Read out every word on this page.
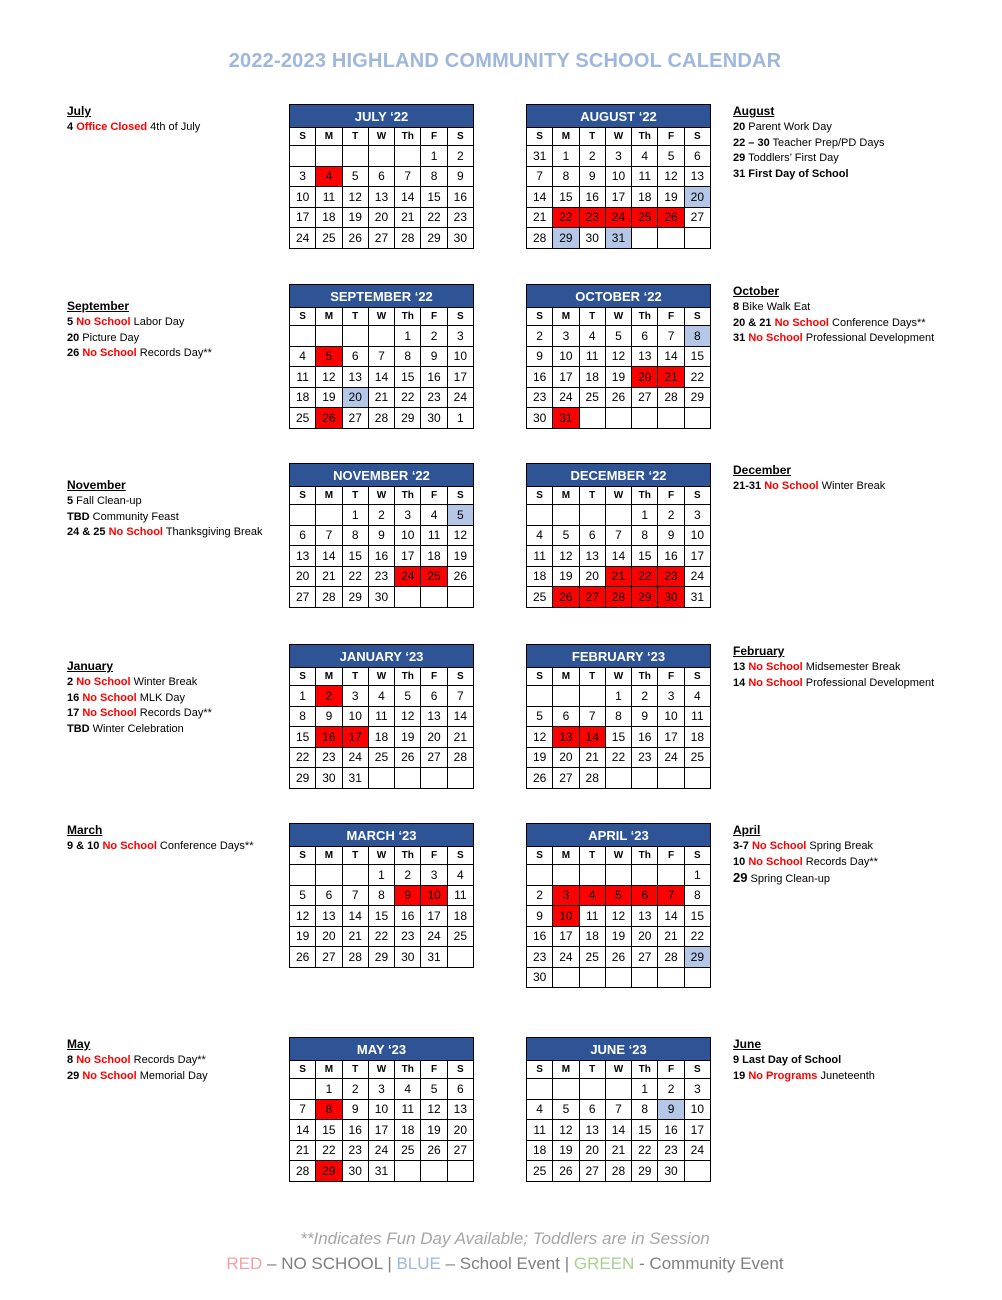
2022-2023 HIGHLAND COMMUNITY SCHOOL CALENDAR
JULY ‘22						
S	M	T	W	Th	F	S
					1	2
3	4	5	6	7	8	9
10	11	12	13	14	15	16
17	18	19	20	21	22	23
24	25	26	27	28	29	30
AUGUST ‘22						
S	M	T	W	Th	F	S
31	1	2	3	4	5	6
7	8	9	10	11	12	13
14	15	16	17	18	19	20
21	22	23	24	25	26	27
28	29	30	31			
SEPTEMBER ‘22						
S	M	T	W	Th	F	S
				1	2	3
4	5	6	7	8	9	10
11	12	13	14	15	16	17
18	19	20	21	22	23	24
25	26	27	28	29	30	1
OCTOBER ‘22						
S	M	T	W	Th	F	S
2	3	4	5	6	7	8
9	10	11	12	13	14	15
16	17	18	19	20	21	22
23	24	25	26	27	28	29
30	31					
NOVEMBER ‘22						
S	M	T	W	Th	F	S
		1	2	3	4	5
6	7	8	9	10	11	12
13	14	15	16	17	18	19
20	21	22	23	24	25	26
27	28	29	30			
DECEMBER ‘22						
S	M	T	W	Th	F	S
				1	2	3
4	5	6	7	8	9	10
11	12	13	14	15	16	17
18	19	20	21	22	23	24
25	26	27	28	29	30	31
JANUARY ‘23						
S	M	T	W	Th	F	S
1	2	3	4	5	6	7
8	9	10	11	12	13	14
15	16	17	18	19	20	21
22	23	24	25	26	27	28
29	30	31				
FEBRUARY ‘23						
S	M	T	W	Th	F	S
			1	2	3	4
5	6	7	8	9	10	11
12	13	14	15	16	17	18
19	20	21	22	23	24	25
26	27	28				
MARCH ‘23						
S	M	T	W	Th	F	S
			1	2	3	4
5	6	7	8	9	10	11
12	13	14	15	16	17	18
19	20	21	22	23	24	25
26	27	28	29	30	31	
APRIL ‘23						
S	M	T	W	Th	F	S
						1
2	3	4	5	6	7	8
9	10	11	12	13	14	15
16	17	18	19	20	21	22
23	24	25	26	27	28	29
30						
MAY ‘23						
S	M	T	W	Th	F	S
	1	2	3	4	5	6
7	8	9	10	11	12	13
14	15	16	17	18	19	20
21	22	23	24	25	26	27
28	29	30	31			
JUNE ‘23						
S	M	T	W	Th	F	S
				1	2	3
4	5	6	7	8	9	10
11	12	13	14	15	16	17
18	19	20	21	22	23	24
25	26	27	28	29	30	
July
4 Office Closed 4th of July
August
20 Parent Work Day
22 – 30 Teacher Prep/PD Days
29 Toddlers’ First Day
31 First Day of School
September
5 No School Labor Day
20 Picture Day
26 No School Records Day**
October
8 Bike Walk Eat
20 & 21 No School Conference Days**
31 No School Professional Development
November
5 Fall Clean-up
TBD Community Feast
24 & 25 No School Thanksgiving Break
December
21-31 No School Winter Break
January
2 No School Winter Break
16 No School MLK Day
17 No School Records Day**
TBD Winter Celebration
February
13 No School Midsemester Break
14 No School Professional Development
March
9 & 10 No School Conference Days**
April
3-7 No School Spring Break
10 No School Records Day**
29 Spring Clean-up
May
8 No School Records Day**
29 No School Memorial Day
June
9 Last Day of School
19 No Programs Juneteenth
**Indicates Fun Day Available; Toddlers are in Session
RED – NO SCHOOL | BLUE – School Event | GREEN - Community Event
